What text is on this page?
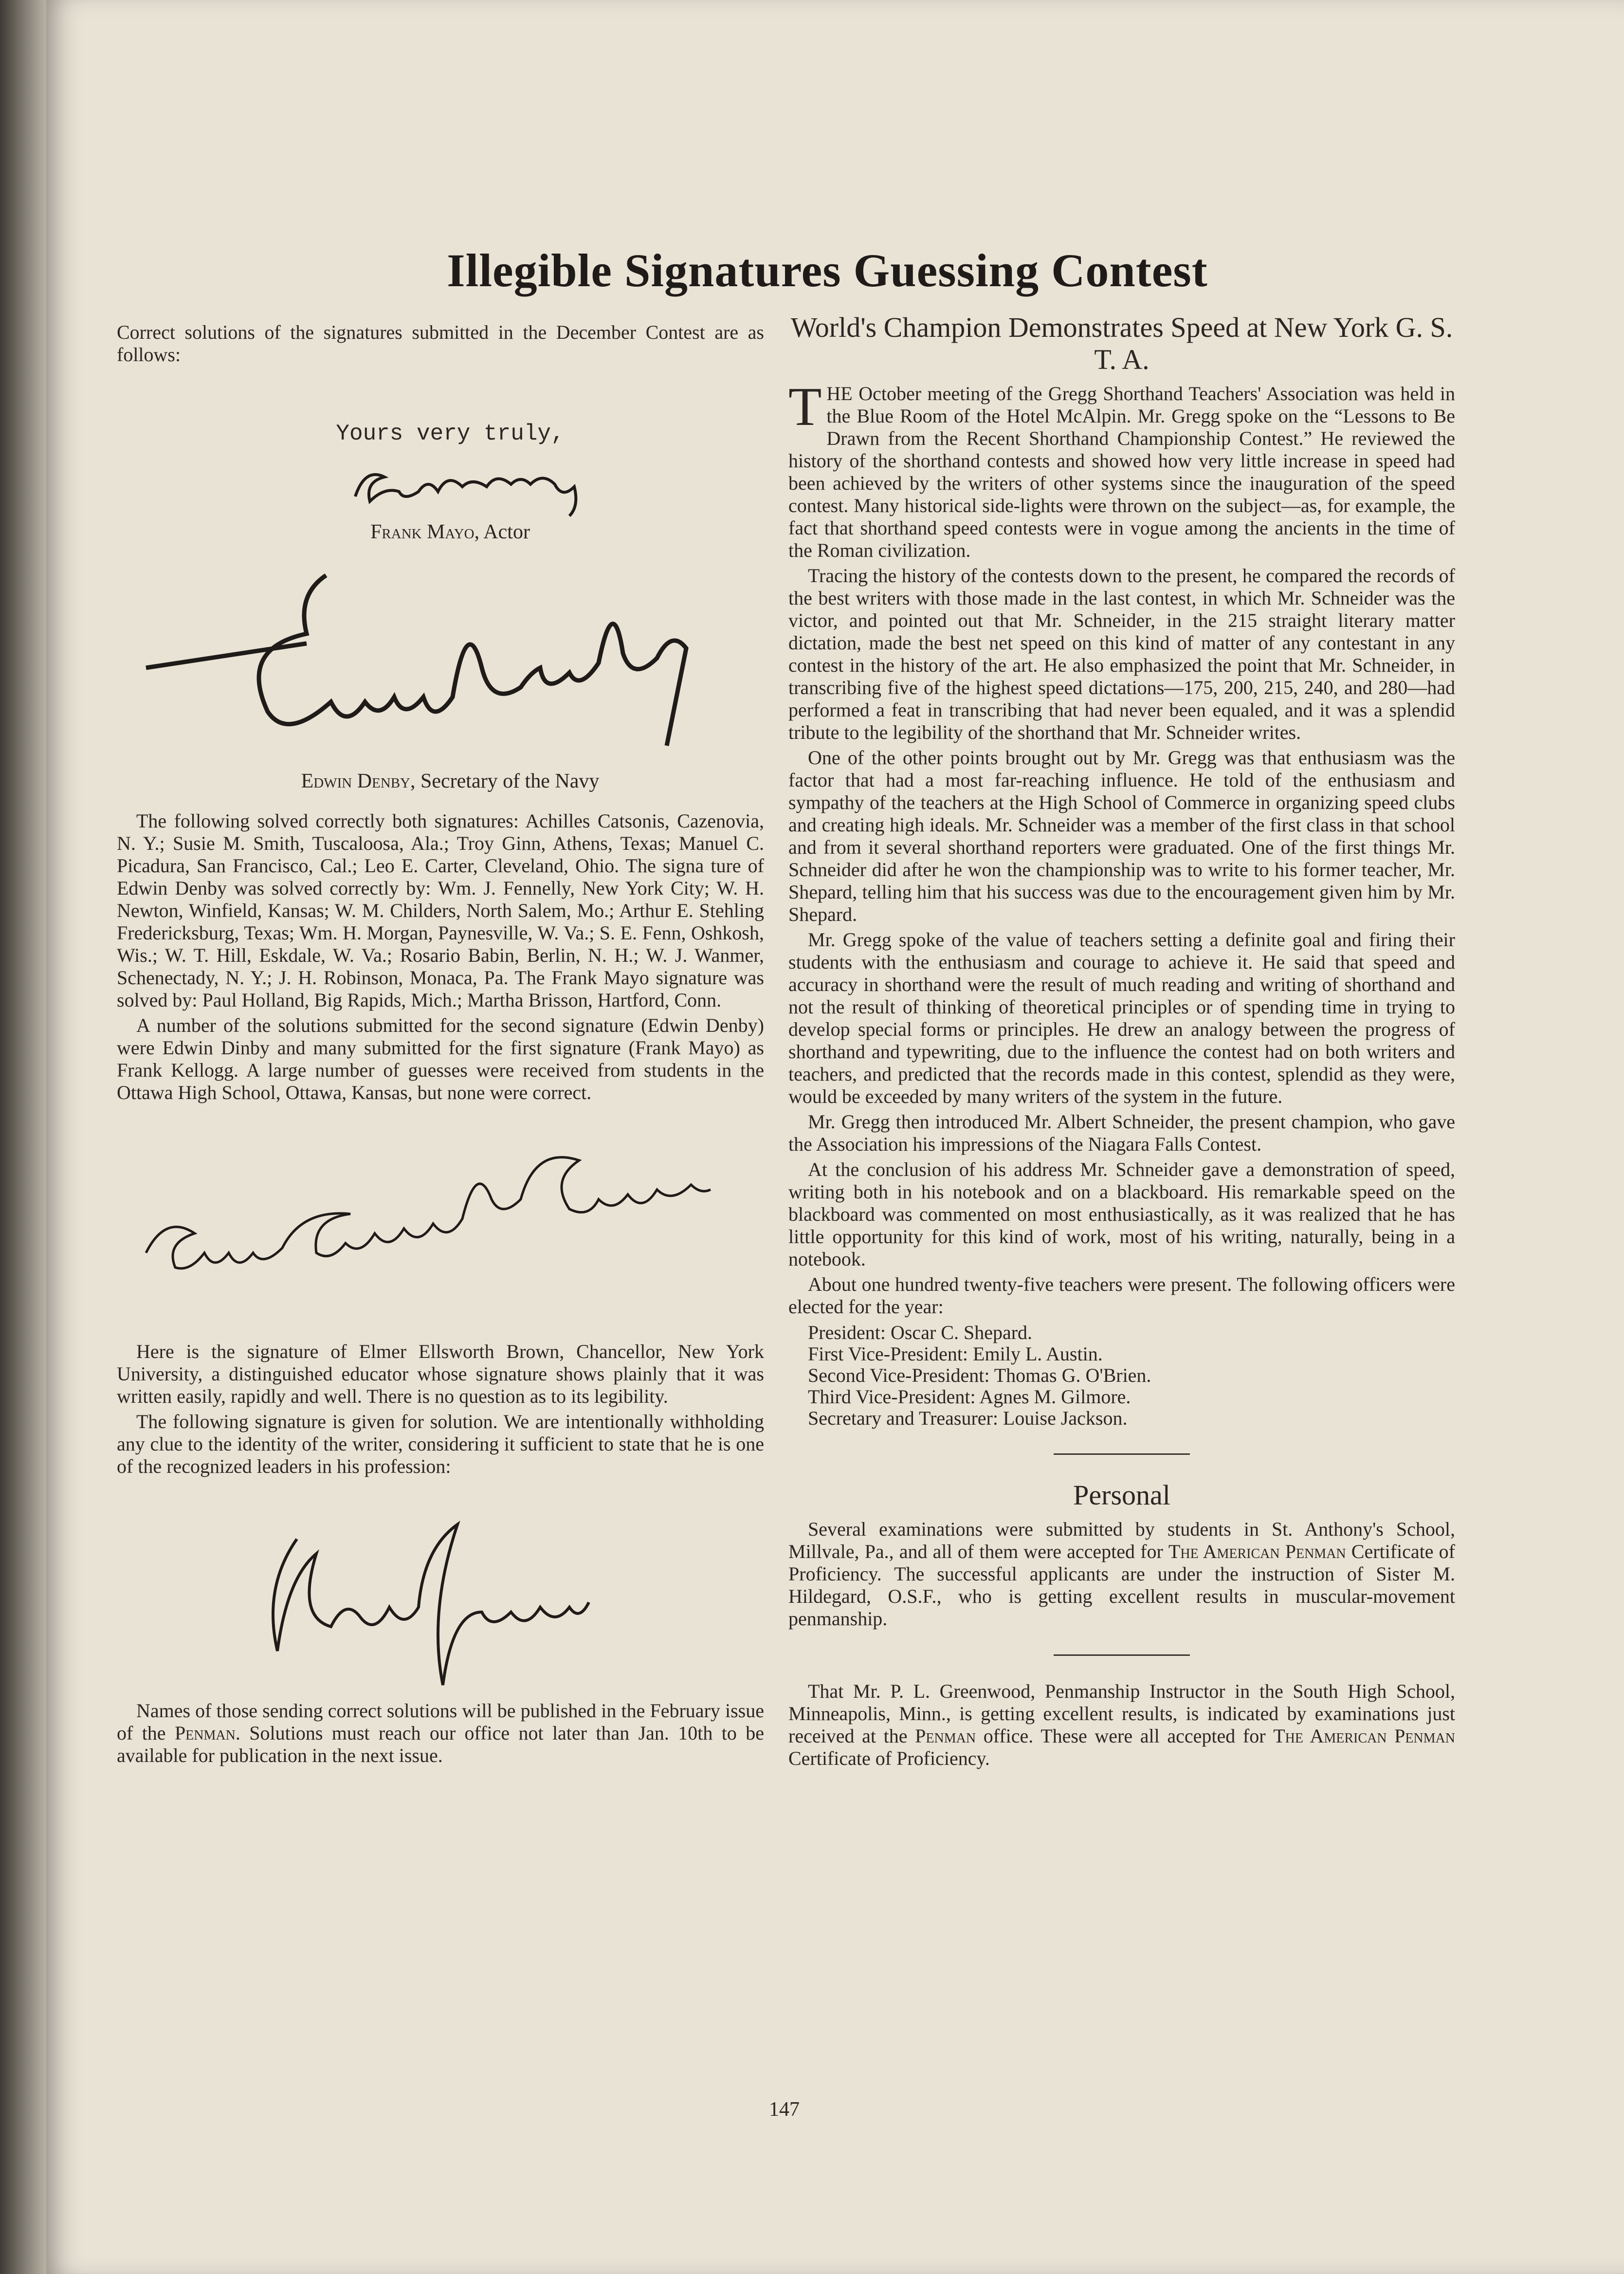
Illegible Signatures Guessing Contest

Correct solutions of the signatures submitted in the December Contest are as follows:

Yours very truly,

Frank Mayo, Actor

Edwin Denby, Secretary of the Navy

The following solved correctly both signatures: Achilles Catsonis, Cazenovia, N. Y.; Susie M. Smith, Tuscaloosa, Ala.; Troy Ginn, Athens, Texas; Manuel C. Picadura, San Francisco, Cal.; Leo E. Carter, Cleveland, Ohio. The signa ture of Edwin Denby was solved correctly by: Wm. J. Fennelly, New York City; W. H. Newton, Winfield, Kansas; W. M. Childers, North Salem, Mo.; Arthur E. Stehling Fredericksburg, Texas; Wm. H. Morgan, Paynesville, W. Va.; S. E. Fenn, Oshkosh, Wis.; W. T. Hill, Eskdale, W. Va.; Rosario Babin, Berlin, N. H.; W. J. Wanmer, Schenectady, N. Y.; J. H. Robinson, Monaca, Pa. The Frank Mayo signature was solved by: Paul Holland, Big Rapids, Mich.; Martha Brisson, Hartford, Conn.

A number of the solutions submitted for the second signature (Edwin Denby) were Edwin Dinby and many submitted for the first signature (Frank Mayo) as Frank Kellogg. A large number of guesses were received from students in the Ottawa High School, Ottawa, Kansas, but none were correct.

Here is the signature of Elmer Ellsworth Brown, Chancellor, New York University, a distinguished educator whose signature shows plainly that it was written easily, rapidly and well. There is no question as to its legibility.

The following signature is given for solution. We are intentionally withholding any clue to the identity of the writer, considering it sufficient to state that he is one of the recognized leaders in his profession:

Names of those sending correct solutions will be published in the February issue of the Penman. Solutions must reach our office not later than Jan. 10th to be available for publication in the next issue.

World's Champion Demonstrates Speed at New York G. S. T. A.

THE October meeting of the Gregg Shorthand Teachers' Association was held in the Blue Room of the Hotel McAlpin. Mr. Gregg spoke on the “Lessons to Be Drawn from the Recent Shorthand Championship Contest.” He reviewed the history of the shorthand contests and showed how very little increase in speed had been achieved by the writers of other systems since the inauguration of the speed contest. Many historical side-lights were thrown on the subject—as, for example, the fact that shorthand speed contests were in vogue among the ancients in the time of the Roman civilization.

Tracing the history of the contests down to the present, he compared the records of the best writers with those made in the last contest, in which Mr. Schneider was the victor, and pointed out that Mr. Schneider, in the 215 straight literary matter dictation, made the best net speed on this kind of matter of any contestant in any contest in the history of the art. He also emphasized the point that Mr. Schneider, in transcribing five of the highest speed dictations—175, 200, 215, 240, and 280—had performed a feat in transcribing that had never been equaled, and it was a splendid tribute to the legibility of the shorthand that Mr. Schneider writes.

One of the other points brought out by Mr. Gregg was that enthusiasm was the factor that had a most far-reaching influence. He told of the enthusiasm and sympathy of the teachers at the High School of Commerce in organizing speed clubs and creating high ideals. Mr. Schneider was a member of the first class in that school and from it several shorthand reporters were graduated. One of the first things Mr. Schneider did after he won the championship was to write to his former teacher, Mr. Shepard, telling him that his success was due to the encouragement given him by Mr. Shepard.

Mr. Gregg spoke of the value of teachers setting a definite goal and firing their students with the enthusiasm and courage to achieve it. He said that speed and accuracy in shorthand were the result of much reading and writing of shorthand and not the result of thinking of theoretical principles or of spending time in trying to develop special forms or principles. He drew an analogy between the progress of shorthand and typewriting, due to the influence the contest had on both writers and teachers, and predicted that the records made in this contest, splendid as they were, would be exceeded by many writers of the system in the future.

Mr. Gregg then introduced Mr. Albert Schneider, the present champion, who gave the Association his impressions of the Niagara Falls Contest.

At the conclusion of his address Mr. Schneider gave a demonstration of speed, writing both in his notebook and on a blackboard. His remarkable speed on the blackboard was commented on most enthusiastically, as it was realized that he has little opportunity for this kind of work, most of his writing, naturally, being in a notebook.

About one hundred twenty-five teachers were present. The following officers were elected for the year:

President: Oscar C. Shepard.
First Vice-President: Emily L. Austin.
Second Vice-President: Thomas G. O'Brien.
Third Vice-President: Agnes M. Gilmore.
Secretary and Treasurer: Louise Jackson.
Personal

Several examinations were submitted by students in St. Anthony's School, Millvale, Pa., and all of them were accepted for The American Penman Certificate of Proficiency. The successful applicants are under the instruction of Sister M. Hildegard, O.S.F., who is getting excellent results in muscular-movement penmanship.

That Mr. P. L. Greenwood, Penmanship Instructor in the South High School, Minneapolis, Minn., is getting excellent results, is indicated by examinations just received at the Penman office. These were all accepted for The American Penman Certificate of Proficiency.

147
